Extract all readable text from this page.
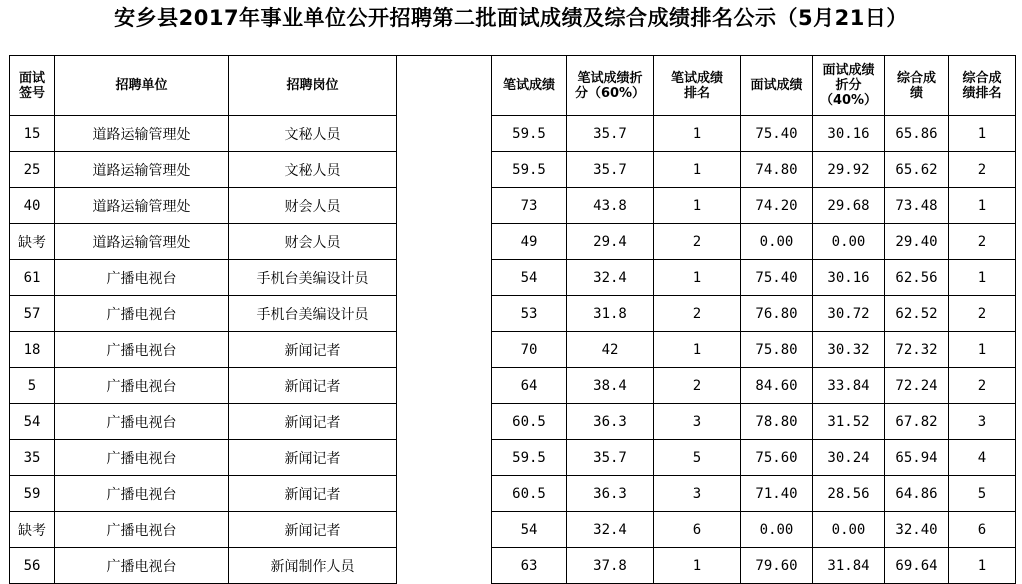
安乡县2017年事业单位公开招聘第二批面试成绩及综合成绩排名公示（5月21日）
面试签号	招聘单位	招聘岗位		笔试成绩	笔试成绩折分（60%）	笔试成绩排名	面试成绩	面试成绩折分（40%）	综合成绩	综合成绩排名
15	道路运输管理处	文秘人员		59.5	35.7	1	75.40	30.16	65.86	1
25	道路运输管理处	文秘人员		59.5	35.7	1	74.80	29.92	65.62	2
40	道路运输管理处	财会人员		73	43.8	1	74.20	29.68	73.48	1
缺考	道路运输管理处	财会人员		49	29.4	2	0.00	0.00	29.40	2
61	广播电视台	手机台美编设计员		54	32.4	1	75.40	30.16	62.56	1
57	广播电视台	手机台美编设计员		53	31.8	2	76.80	30.72	62.52	2
18	广播电视台	新闻记者		70	42	1	75.80	30.32	72.32	1
5	广播电视台	新闻记者		64	38.4	2	84.60	33.84	72.24	2
54	广播电视台	新闻记者		60.5	36.3	3	78.80	31.52	67.82	3
35	广播电视台	新闻记者		59.5	35.7	5	75.60	30.24	65.94	4
59	广播电视台	新闻记者		60.5	36.3	3	71.40	28.56	64.86	5
缺考	广播电视台	新闻记者		54	32.4	6	0.00	0.00	32.40	6
56	广播电视台	新闻制作人员		63	37.8	1	79.60	31.84	69.64	1
